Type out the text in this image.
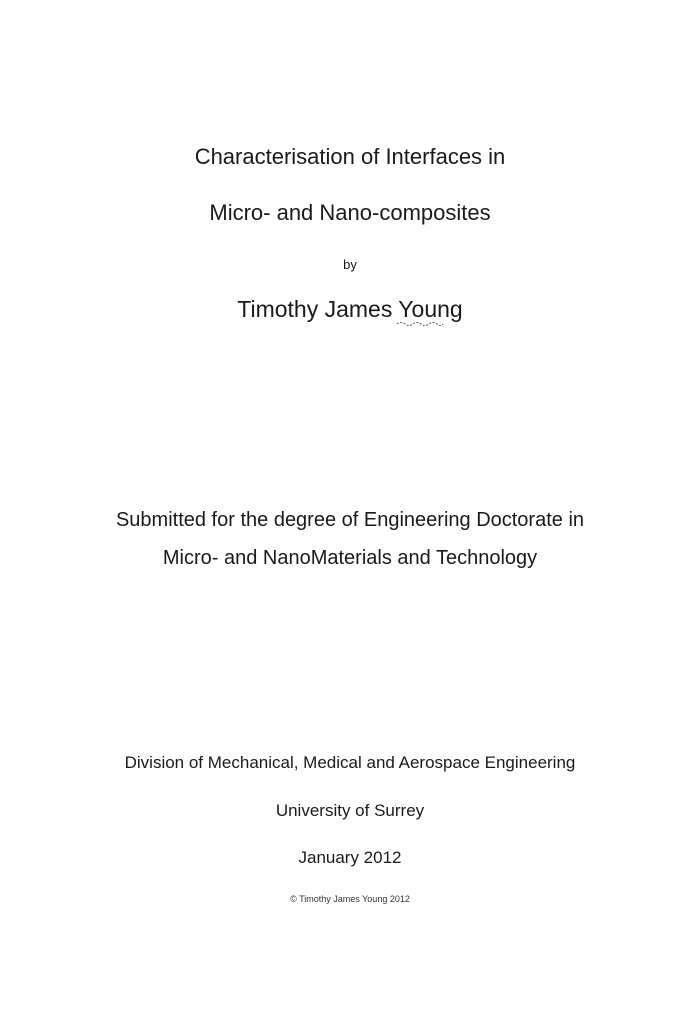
Characterisation of Interfaces in
Micro- and Nano-composites
by
Timothy James Young
Submitted for the degree of Engineering Doctorate in
Micro- and NanoMaterials and Technology
Division of Mechanical, Medical and Aerospace Engineering
University of Surrey
January 2012
© Timothy James Young 2012
